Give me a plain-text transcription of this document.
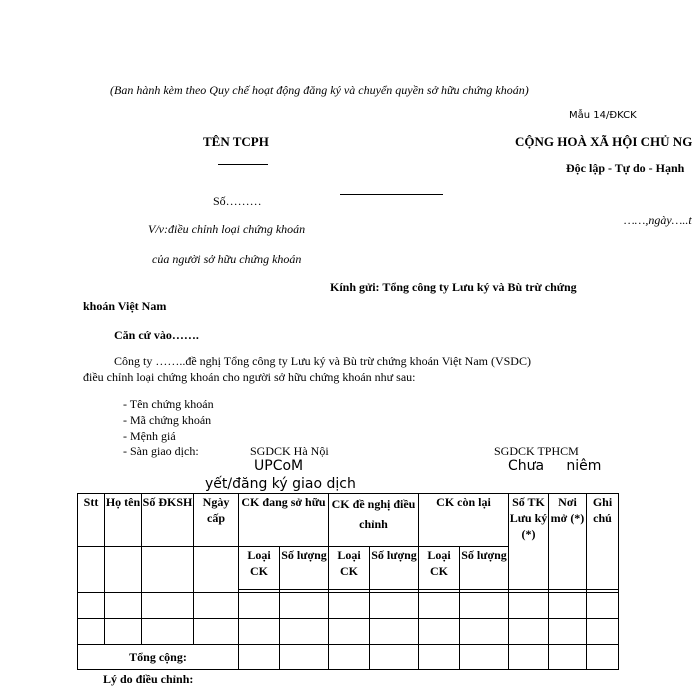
(Ban hành kèm theo Quy chế hoạt động đăng ký và chuyển quyền sở hữu chứng khoán)
Mẫu 14/ĐKCK
TÊN TCPH	CỘNG HOÀ XÃ HỘI CHỦ NG
Độc lập - Tự do - Hạnh
Số………
……,ngày…..t
V/v:điều chỉnh loại chứng khoán
của người sở hữu chứng khoán
Kính gửi: Tổng công ty Lưu ký và Bù trừ chứng
khoán Việt Nam
Căn cứ vào…….
Công ty ……..đề nghị Tổng công ty Lưu ký và Bù trừ chứng khoán Việt Nam (VSDC)
điều chỉnh loại chứng khoán cho người sở hữu chứng khoán như sau:
- Tên chứng khoán
- Mã chứng khoán
- Mệnh giá
- Sàn giao dịch:	SGDCK Hà Nội	SGDCK TPHCM
UPCoM	Chưa     niêm
yết/đăng ký giao dịch
Stt	Họ tên	Số ĐKSH	Ngày cấp	CK đang sở hữu		CK đề nghị điều chỉnh		CK còn lại		Số TK Lưu ký (*)	Nơi mở (*)	Ghi chú
				Loại CK	Số lượng	Loại CK	Số lượng	Loại CK	Số lượng			

Tổng cộng:												
Lý do điều chỉnh:
